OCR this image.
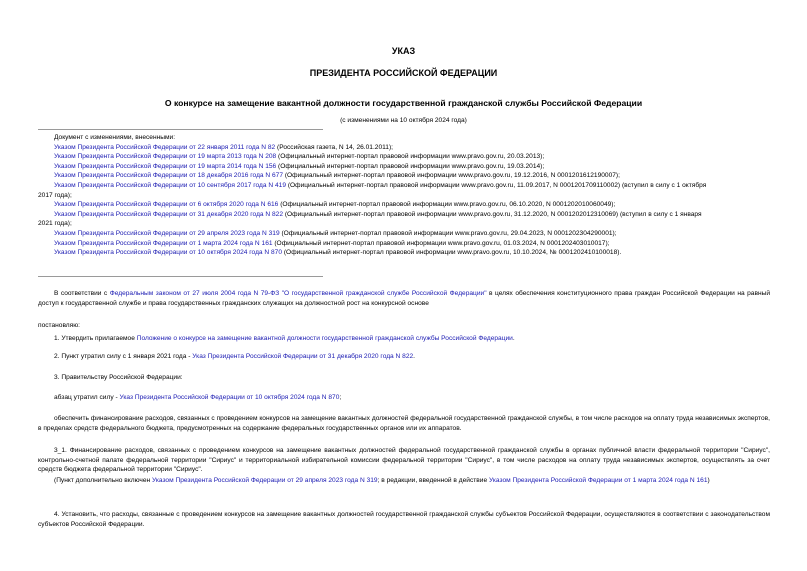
УКАЗ
ПРЕЗИДЕНТА РОССИЙСКОЙ ФЕДЕРАЦИИ
О конкурсе на замещение вакантной должности государственной гражданской службы Российской Федерации
(с изменениями на 10 октября 2024 года)
Документ с изменениями, внесенными:
Указом Президента Российской Федерации от 22 января 2011 года N 82 (Российская газета, N 14, 26.01.2011);
Указом Президента Российской Федерации от 19 марта 2013 года N 208 (Официальный интернет-портал правовой информации www.pravo.gov.ru, 20.03.2013);
Указом Президента Российской Федерации от 19 марта 2014 года N 156 (Официальный интернет-портал правовой информации www.pravo.gov.ru, 19.03.2014);
Указом Президента Российской Федерации от 18 декабря 2016 года N 677 (Официальный интернет-портал правовой информации www.pravo.gov.ru, 19.12.2016, N 0001201612190007);
Указом Президента Российской Федерации от 10 сентября 2017 года N 419 (Официальный интернет-портал правовой информации www.pravo.gov.ru, 11.09.2017, N 0001201709110002) (вступил в силу с 1 октября
2017 года);
Указом Президента Российской Федерации от 6 октября 2020 года N 616 (Официальный интернет-портал правовой информации www.pravo.gov.ru, 06.10.2020, N 0001202010060049);
Указом Президента Российской Федерации от 31 декабря 2020 года N 822 (Официальный интернет-портал правовой информации www.pravo.gov.ru, 31.12.2020, N 0001202012310069) (вступил в силу с 1 января
2021 года);
Указом Президента Российской Федерации от 29 апреля 2023 года N 319 (Официальный интернет-портал правовой информации www.pravo.gov.ru, 29.04.2023, N 0001202304290001);
Указом Президента Российской Федерации от 1 марта 2024 года N 161 (Официальный интернет-портал правовой информации www.pravo.gov.ru, 01.03.2024, N 0001202403010017);
Указом Президента Российской Федерации от 10 октября 2024 года N 870 (Официальный интернет-портал правовой информации www.pravo.gov.ru, 10.10.2024, № 0001202410100018).
В соответствии с Федеральным законом от 27 июля 2004 года N 79-ФЗ "О государственной гражданской службе Российской Федерации" в целях обеспечения конституционного права граждан Российской Федерации на равный доступ к государственной службе и права государственных гражданских служащих на должностной рост на конкурсной основе
постановляю:
1. Утвердить прилагаемое Положение о конкурсе на замещение вакантной должности государственной гражданской службы Российской Федерации.
2. Пункт утратил силу с 1 января 2021 года - Указ Президента Российской Федерации от 31 декабря 2020 года N 822.
3. Правительству Российской Федерации:
абзац утратил силу - Указ Президента Российской Федерации от 10 октября 2024 года N 870;
обеспечить финансирование расходов, связанных с проведением конкурсов на замещение вакантных должностей федеральной государственной гражданской службы, в том числе расходов на оплату труда независимых экспертов, в пределах средств федерального бюджета, предусмотренных на содержание федеральных государственных органов или их аппаратов.
3_1. Финансирование расходов, связанных с проведением конкурсов на замещение вакантных должностей федеральной государственной гражданской службы в органах публичной власти федеральной территории "Сириус", контрольно-счетной палате федеральной территории "Сириус" и территориальной избирательной комиссии федеральной территории "Сириус", в том числе расходов на оплату труда независимых экспертов, осуществлять за счет средств бюджета федеральной территории "Сириус".
(Пункт дополнительно включен Указом Президента Российской Федерации от 29 апреля 2023 года N 319; в редакции, введенной в действие Указом Президента Российской Федерации от 1 марта 2024 года N 161)
4. Установить, что расходы, связанные с проведением конкурсов на замещение вакантных должностей государственной гражданской службы субъектов Российской Федерации, осуществляются в соответствии с законодательством субъектов Российской Федерации.
